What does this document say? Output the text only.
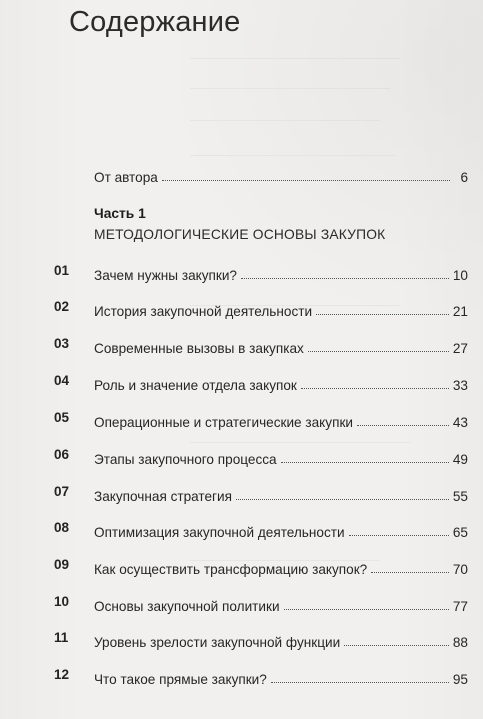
Содержание
От автора	6
Часть 1
МЕТОДОЛОГИЧЕСКИЕ ОСНОВЫ ЗАКУПОК
01	Зачем нужны закупки?	10
02	История закупочной деятельности	21
03	Современные вызовы в закупках	27
04	Роль и значение отдела закупок	33
05	Операционные и стратегические закупки	43
06	Этапы закупочного процесса	49
07	Закупочная стратегия	55
08	Оптимизация закупочной деятельности	65
09	Как осуществить трансформацию закупок?	70
10	Основы закупочной политики	77
11	Уровень зрелости закупочной функции	88
12	Что такое прямые закупки?	95
